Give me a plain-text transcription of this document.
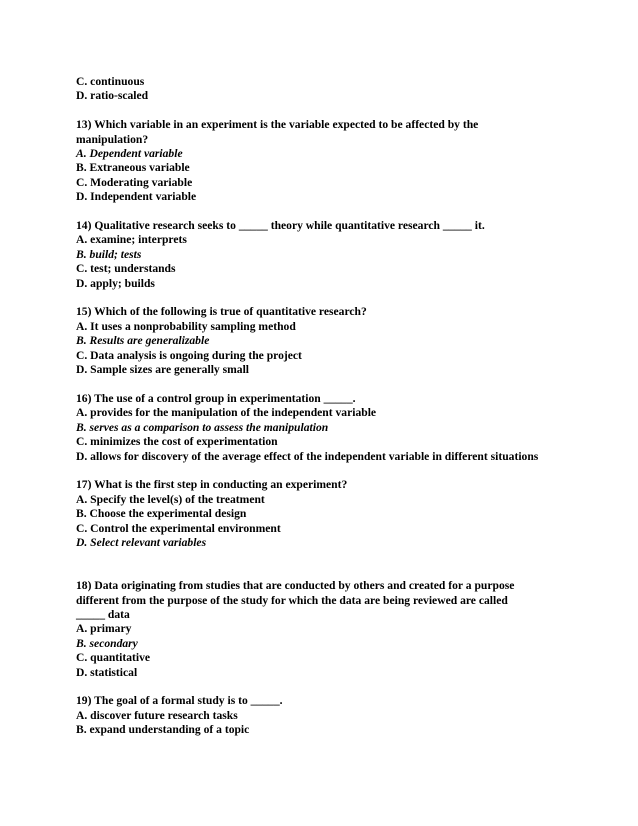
C. continuous
D. ratio-scaled
13) Which variable in an experiment is the variable expected to be affected by the
manipulation?
A. Dependent variable
B. Extraneous variable
C. Moderating variable
D. Independent variable
14) Qualitative research seeks to _____ theory while quantitative research _____ it.
A. examine; interprets
B. build; tests
C. test; understands
D. apply; builds
15) Which of the following is true of quantitative research?
A. It uses a nonprobability sampling method
B. Results are generalizable
C. Data analysis is ongoing during the project
D. Sample sizes are generally small
16) The use of a control group in experimentation _____.
A. provides for the manipulation of the independent variable
B. serves as a comparison to assess the manipulation
C. minimizes the cost of experimentation
D. allows for discovery of the average effect of the independent variable in different situations
17) What is the first step in conducting an experiment?
A. Specify the level(s) of the treatment
B. Choose the experimental design
C. Control the experimental environment
D. Select relevant variables
18) Data originating from studies that are conducted by others and created for a purpose
different from the purpose of the study for which the data are being reviewed are called
_____ data
A. primary
B. secondary
C. quantitative
D. statistical
19) The goal of a formal study is to _____.
A. discover future research tasks
B. expand understanding of a topic
